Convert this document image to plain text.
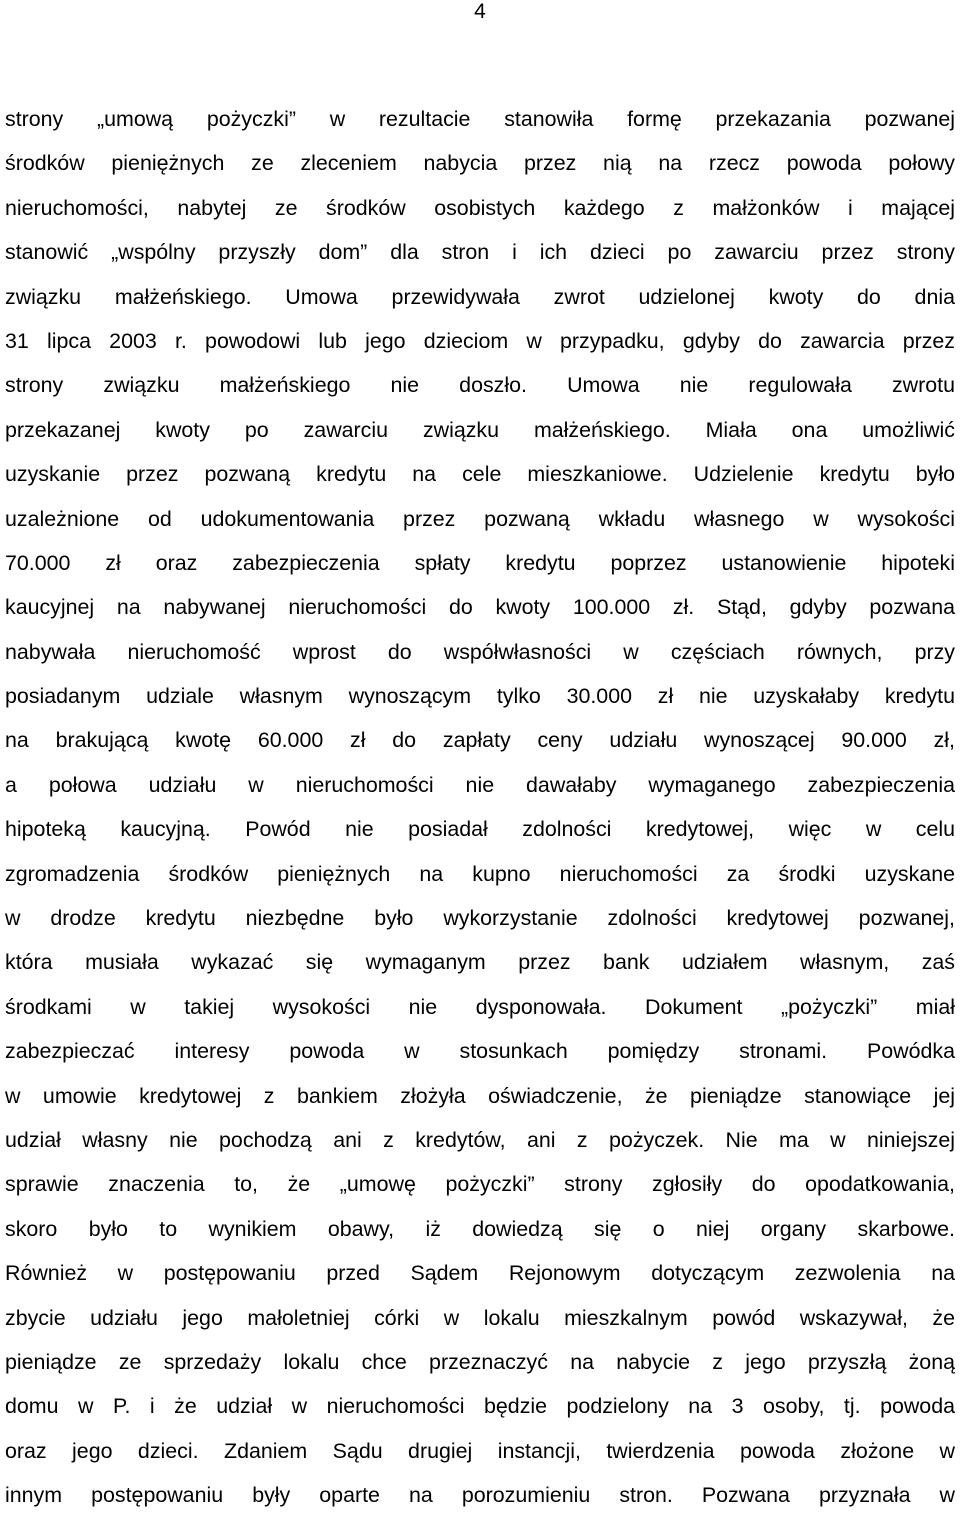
4
strony „umową pożyczki” w rezultacie stanowiła formę przekazania pozwanej
środków pieniężnych ze zleceniem nabycia przez nią na rzecz powoda połowy
nieruchomości, nabytej ze środków osobistych każdego z małżonków i mającej
stanowić „wspólny przyszły dom” dla stron i ich dzieci po zawarciu przez strony
związku małżeńskiego. Umowa przewidywała zwrot udzielonej kwoty do dnia
31 lipca 2003 r. powodowi lub jego dzieciom w przypadku, gdyby do zawarcia przez
strony związku małżeńskiego nie doszło. Umowa nie regulowała zwrotu
przekazanej kwoty po zawarciu związku małżeńskiego. Miała ona umożliwić
uzyskanie przez pozwaną kredytu na cele mieszkaniowe. Udzielenie kredytu było
uzależnione od udokumentowania przez pozwaną wkładu własnego w wysokości
70.000 zł oraz zabezpieczenia spłaty kredytu poprzez ustanowienie hipoteki
kaucyjnej na nabywanej nieruchomości do kwoty 100.000 zł. Stąd, gdyby pozwana
nabywała nieruchomość wprost do współwłasności w częściach równych, przy
posiadanym udziale własnym wynoszącym tylko 30.000 zł nie uzyskałaby kredytu
na brakującą kwotę 60.000 zł do zapłaty ceny udziału wynoszącej 90.000 zł,
a połowa udziału w nieruchomości nie dawałaby wymaganego zabezpieczenia
hipoteką kaucyjną. Powód nie posiadał zdolności kredytowej, więc w celu
zgromadzenia środków pieniężnych na kupno nieruchomości za środki uzyskane
w drodze kredytu niezbędne było wykorzystanie zdolności kredytowej pozwanej,
która musiała wykazać się wymaganym przez bank udziałem własnym, zaś
środkami w takiej wysokości nie dysponowała. Dokument „pożyczki” miał
zabezpieczać interesy powoda w stosunkach pomiędzy stronami. Powódka
w umowie kredytowej z bankiem złożyła oświadczenie, że pieniądze stanowiące jej
udział własny nie pochodzą ani z kredytów, ani z pożyczek. Nie ma w niniejszej
sprawie znaczenia to, że „umowę pożyczki” strony zgłosiły do opodatkowania,
skoro było to wynikiem obawy, iż dowiedzą się o niej organy skarbowe.
Również w postępowaniu przed Sądem Rejonowym dotyczącym zezwolenia na
zbycie udziału jego małoletniej córki w lokalu mieszkalnym powód wskazywał, że
pieniądze ze sprzedaży lokalu chce przeznaczyć na nabycie z jego przyszłą żoną
domu w P. i że udział w nieruchomości będzie podzielony na 3 osoby, tj. powoda
oraz jego dzieci. Zdaniem Sądu drugiej instancji, twierdzenia powoda złożone w
innym postępowaniu były oparte na porozumieniu stron. Pozwana przyznała w
